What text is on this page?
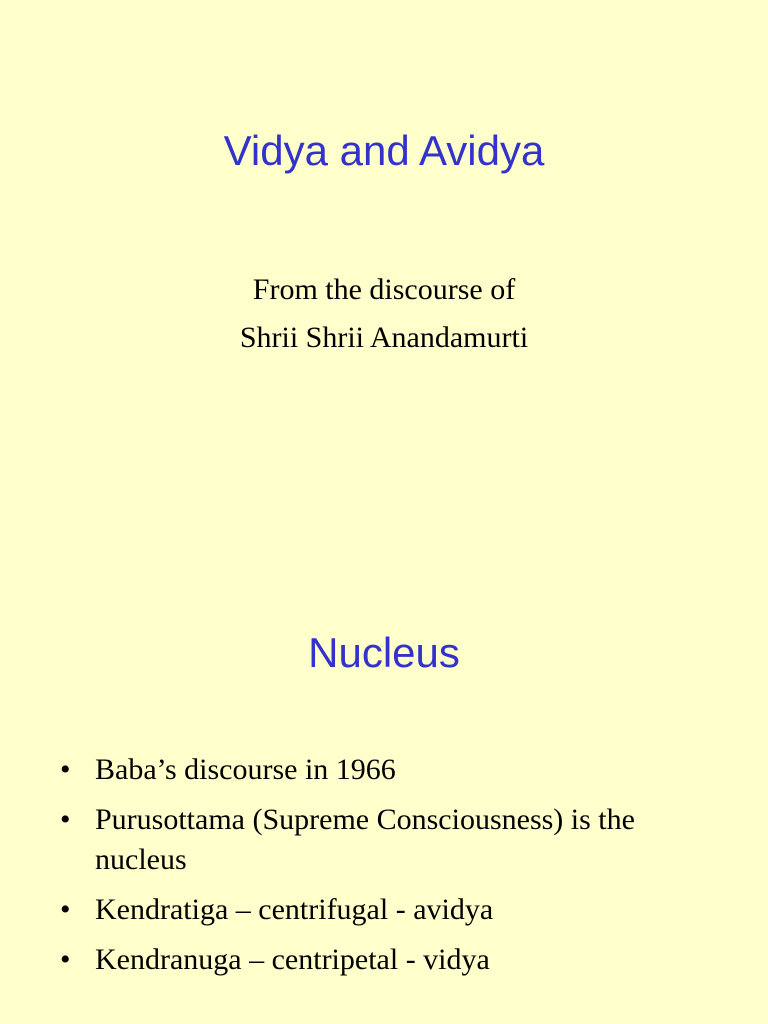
Vidya and Avidya
From the discourse of
Shrii Shrii Anandamurti
Nucleus
• Baba’s discourse in 1966
• Purusottama (Supreme Consciousness) is the nucleus
• Kendratiga – centrifugal - avidya
• Kendranuga – centripetal - vidya
